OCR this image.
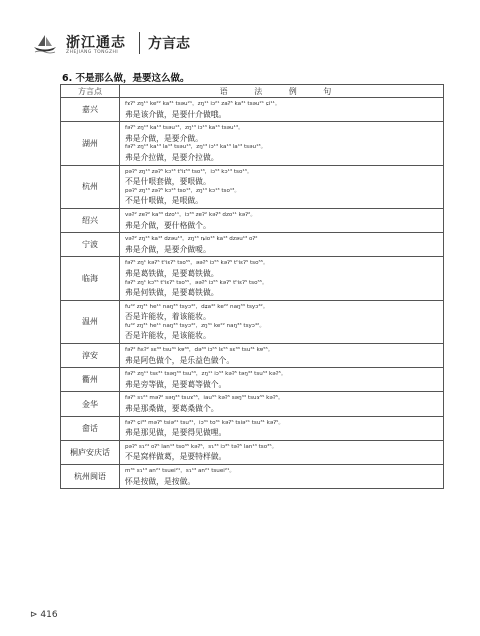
浙江通志
ZHEJIANG TONGZHI
方言志
6. 不是那么做，是要这么做。
方言点	语 法 例 句
嘉兴	fɤʔ⁵ zŋ¹¹ ke²² ka³¹ tsəu²¹，zŋ¹¹ iɔ²¹ zaʔ⁵ ka³¹ tsəu²¹ ɕi¹¹。
弗是该介做，是要什介做哦。

湖州	fəʔ⁵ zŋ¹³ ka¹³ tsəu¹³，zŋ¹³ iɔ¹³ ka¹³ tsəu¹³。
弗是介做，是要介做。
fəʔ⁵ zŋ¹³ ka¹³ la¹³ tsəu¹³，zŋ¹³ iɔ¹³ ka¹³ la¹³ tsəu¹³。
弗是介拉做，是要介拉做。

杭州	pəʔ⁵ zŋ¹³ zəʔ⁵ kɔ¹³ tʰiɪ⁵³ tso¹³，iɔ⁵³ kɔ¹³ tso¹³。
不是什哏套做，要哏做。
pəʔ⁵ zŋ¹³ zəʔ⁵ kɔ¹³ tso¹³，zŋ¹³ kɔ¹³ tso¹³。
不是什哏做，是哏做。

绍兴	vəʔ² zeʔ² ka³³ dzo¹¹，iɔ³³ zeʔ² kəʔ³ dzo¹¹ kəʔ²。
弗是介做，要什格做个。

宁波	vəʔ² zŋ¹³ ka¹³ dzəu¹³，zŋ¹³ ȵio¹³ ka¹³ dzəu¹³ oʔ²
弗是介做，是要介做嗳。

临海	fəʔ⁵ zŋ¹ kəʔ⁵ tʰiɛʔ⁵ tso⁵⁵，əəʔ⁵ iɔ⁵⁵ kəʔ⁵ tʰiɛʔ⁵ tso⁵⁵。
弗是葛铁做，是要葛铁做。
fəʔ⁵ zŋ¹ kɔ⁵⁵ tʰiɛʔ⁵ tso⁵⁵，əəʔ⁵ iɔ⁵⁵ kəʔ⁵ tʰiɛʔ⁵ tso⁵⁵。
弗是何铁做，是要葛铁做。

温州	fu⁴² zŋ³¹ he¹¹ naŋ³³ tsyɔ⁴²，dʑa⁴² ke²² naŋ³³ tsyɔ⁴²。
否是许能妆，着该能妆。
fu⁴² zŋ³¹ he¹¹ naŋ³³ tsyɔ⁴²，zŋ³¹ ke²² naŋ³³ tsyɔ⁴²。
否是许能妆，是该能妆。

淳安	fəʔ² ɦɛʔ² sɛ³³ tsu³¹ kɐ³³，də³³ iɔ⁵⁵ lɛ⁵⁵ sɛ³³ tsu³¹ kɐ⁵⁵。
弗是阿色做个，是乐益色做个。

衢州	fəʔ⁵ zŋ¹¹ tsɛ³¹ tsəŋ³³ tsu⁵³，zŋ¹¹ iɔ⁵³ kəʔ⁵ təŋ³³ tsu⁵³ kəʔ⁵。
弗是旁等做，是要葛等做个。

金华	fəʔ⁵ sɿ²⁴ məʔ² səŋ³³ tsuɤ⁵⁵，iau⁵⁵ kəʔ⁵ səŋ³³ tsuɤ⁵⁵ kəʔ⁵。
弗是那桑做，要葛桑做个。

畲话	fəʔ⁵ ɕi³³ məʔ⁵ tsiə²¹ tsu³¹，iɔ³¹ to³¹ kəʔ⁵ tsiə²¹ tsu³¹ kəʔ⁵。
弗是那见做，是要得见做哩。

桐庐安庆话	pəʔ⁵ sɿ²⁴ oʔ⁵ lan¹³ tso³⁵ kəʔ⁵，sɿ³³ iɔ³⁵ təʔ⁵ lan¹³ tso³⁵。
不是窝样做葛，是要特样做。

杭州闽语	m³¹ sɿ¹³ an²¹ tsuei²¹，sɿ¹³ an²¹ tsuei²¹。
怀是按做，是按做。
⊳ 416
